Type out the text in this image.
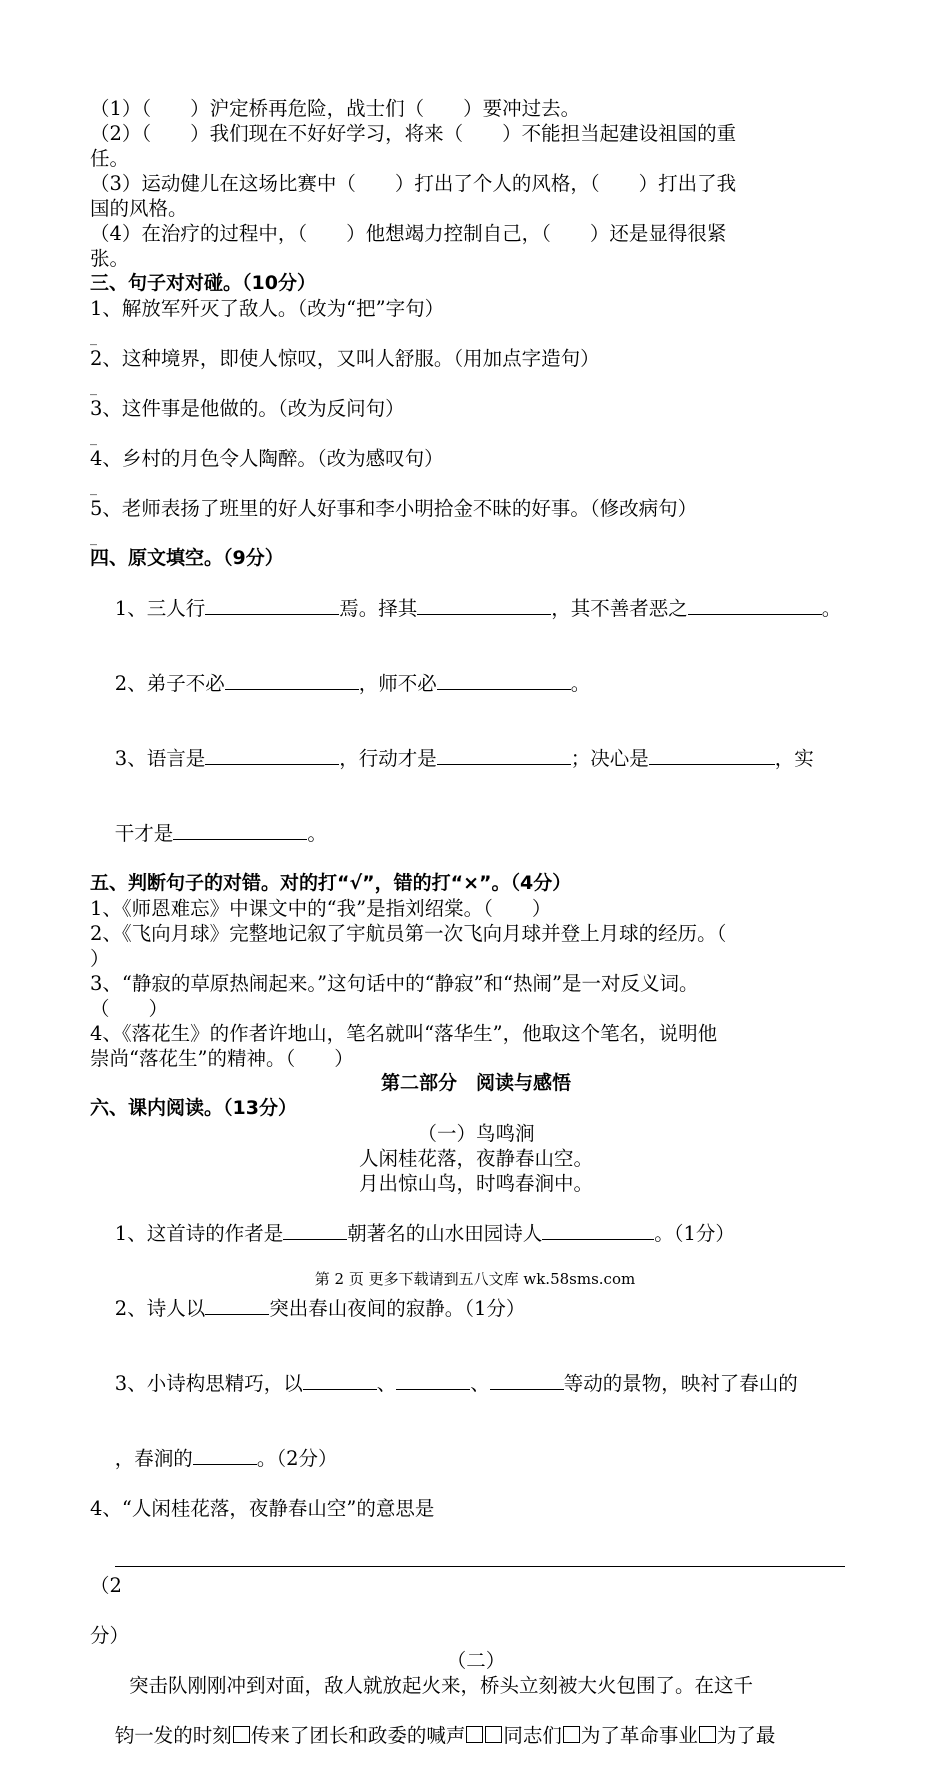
（1）（　　）沪定桥再危险，战士们（　　）要冲过去。
（2）（　　）我们现在不好好学习，将来（　　）不能担当起建设祖国的重
任。
（3）运动健儿在这场比赛中（　　）打出了个人的风格，（　　）打出了我
国的风格。
（4）在治疗的过程中，（　　）他想竭力控制自己，（　　）还是显得很紧
张。
三、句子对对碰。（10分）
1、解放军歼灭了敌人。（改为“把”字句）
_
2、这种境界，即使人惊叹，又叫人舒服。（用加点字造句）
_
3、这件事是他做的。（改为反问句）
_
4、乡村的月色令人陶醉。（改为感叹句）
_
5、老师表扬了班里的好人好事和李小明拾金不昧的好事。（修改病句）
_
四、原文填空。（9分）

1、三人行	焉。择其	，其不善者恶之	。

2、弟子不必	，师不必	。

3、语言是	，行动才是	；决心是	，实

干才是	。

五、判断句子的对错。对的打“√”，错的打“×”。（4分）
1、《师恩难忘》中课文中的“我”是指刘绍棠。（　　）
2、《飞向月球》完整地记叙了宇航员第一次飞向月球并登上月球的经历。（
）
3、“静寂的草原热闹起来。”这句话中的“静寂”和“热闹”是一对反义词。
（　　）
4、《落花生》的作者许地山，笔名就叫“落华生”，他取这个笔名，说明他
崇尚“落花生”的精神。（　　）
第二部分　阅读与感悟
六、课内阅读。（13分）
（一）鸟鸣涧
人闲桂花落，夜静春山空。
月出惊山鸟，时鸣春涧中。

1、这首诗的作者是	朝著名的山水田园诗人	。（1分）

2、诗人以	突出春山夜间的寂静。（1分）

3、小诗构思精巧，以	、	、	等动的景物，映衬了春山的

，春涧的	。（2分）

4、“人闲桂花落，夜静春山空”的意思是

（2

分）
（二）
突击队刚刚冲到对面，敌人就放起火来，桥头立刻被大火包围了。在这千

钧一发的时刻 传来了团长和政委的喊声 同志们 为了革命事业 为了最

第 2 页 更多下载请到五八文库 wk.58sms.com
